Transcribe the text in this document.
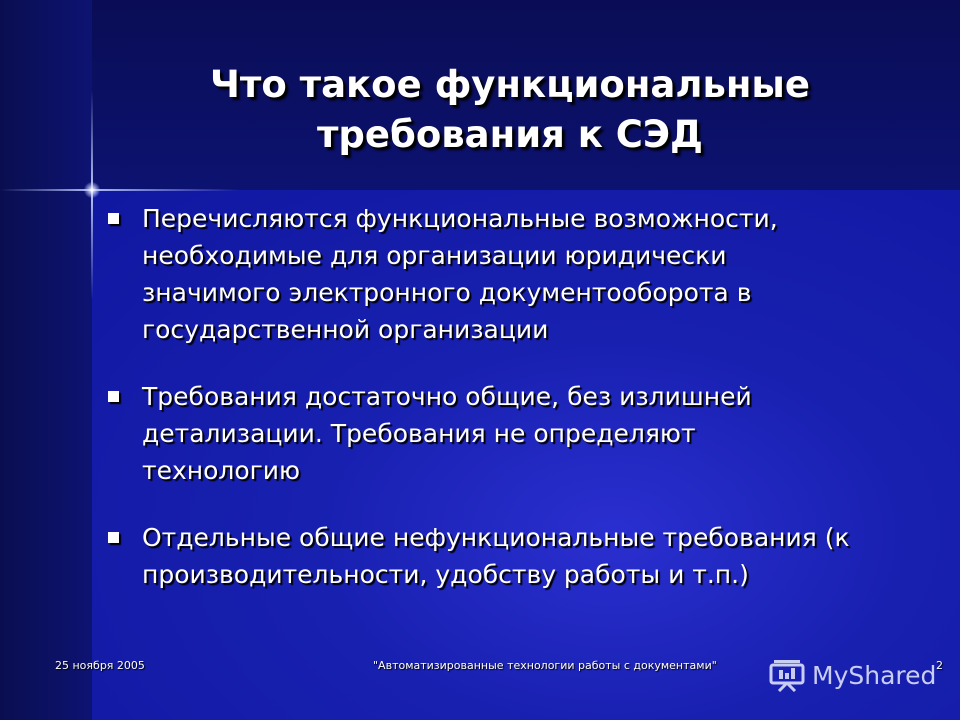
Что такое функциональные
требования к СЭД
Перечисляются функциональные возможности,
необходимые для организации юридически
значимого электронного документооборота в
государственной организации
Требования достаточно общие, без излишней
детализации. Требования не определяют
технологию
Отдельные общие нефункциональные требования (к
производительности, удобству работы и т.п.)
25 ноября 2005	"Автоматизированные технологии работы с документами"	2
MyShared
